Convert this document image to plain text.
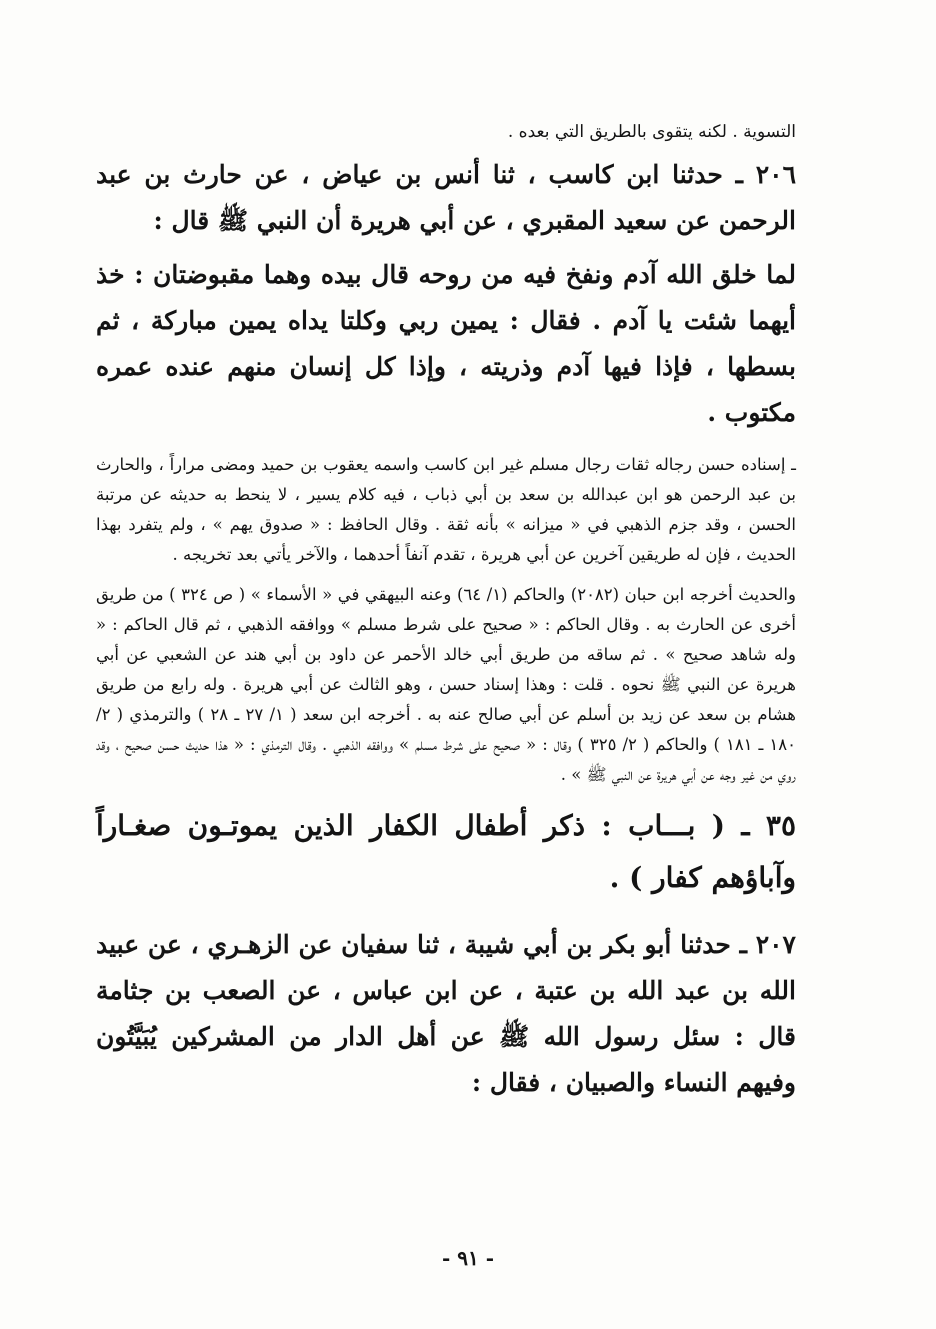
التسوية . لكنه يتقوى بالطريق التي بعده .

٢٠٦ ـ حدثنا ابن كاسب ، ثنا أنس بن عياض ، عن حارث بن عبد الرحمن عن سعيد المقبري ، عن أبي هريرة أن النبي ﷺ قال :

لما خلق الله آدم ونفخ فيه من روحه قال بيده وهما مقبوضتان : خذ أيهما شئت يا آدم . فقال : يمين ربي وكلتا يداه يمين مباركة ، ثم بسطها ، فإذا فيها آدم وذريته ، وإذا كل إنسان منهم عنده عمره مكتوب .

ـ إسناده حسن رجاله ثقات رجال مسلم غير ابن كاسب واسمه يعقوب بن حميد ومضى مراراً ، والحارث بن عبد الرحمن هو ابن عبدالله بن سعد بن أبي ذباب ، فيه كلام يسير ، لا ينحط به حديثه عن مرتبة الحسن ، وقد جزم الذهبي في « ميزانه » بأنه ثقة . وقال الحافظ : « صدوق يهم » ، ولم يتفرد بهذا الحديث ، فإن له طريقين آخرين عن أبي هريرة ، تقدم آنفاً أحدهما ، والآخر يأتي بعد تخريجه .

والحديث أخرجه ابن حبان (٢٠٨٢) والحاكم (١/ ٦٤) وعنه البيهقي في « الأسماء » ( ص ٣٢٤ ) من طريق أخرى عن الحارث به . وقال الحاكم : « صحيح على شرط مسلم » ووافقه الذهبي ، ثم قال الحاكم : « وله شاهد صحيح » . ثم ساقه من طريق أبي خالد الأحمر عن داود بن أبي هند عن الشعبي عن أبي هريرة عن النبي ﷺ نحوه . قلت : وهذا إسناد حسن ، وهو الثالث عن أبي هريرة . وله رابع من طريق هشام بن سعد عن زيد بن أسلم عن أبي صالح عنه به . أخرجه ابن سعد ( ١/ ٢٧ ـ ٢٨ ) والترمذي ( ٢/ ١٨٠ ـ ١٨١ ) والحاكم ( ٢/ ٣٢٥ ) وقال : « صحيح على شرط مسلم » ووافقه الذهبي . وقال الترمذي : « هذا حديث حسن صحيح ، وقد روي من غير وجه عن أبي هريرة عن النبي ﷺ » .

٣٥ ـ ( بـــاب : ذكر أطفال الكفار الذين يموتـون صغـاراً وآباؤهم كفار ) .

٢٠٧ ـ حدثنا أبو بكر بن أبي شيبة ، ثنا سفيان عن الزهـري ، عن عبيد الله بن عبد الله بن عتبة ، عن ابن عباس ، عن الصعب بن جثامة قال : سئل رسول الله ﷺ عن أهل الدار من المشركين يُبَيَّتُون وفيهم النساء والصبيان ، فقال :

- ٩١ -
